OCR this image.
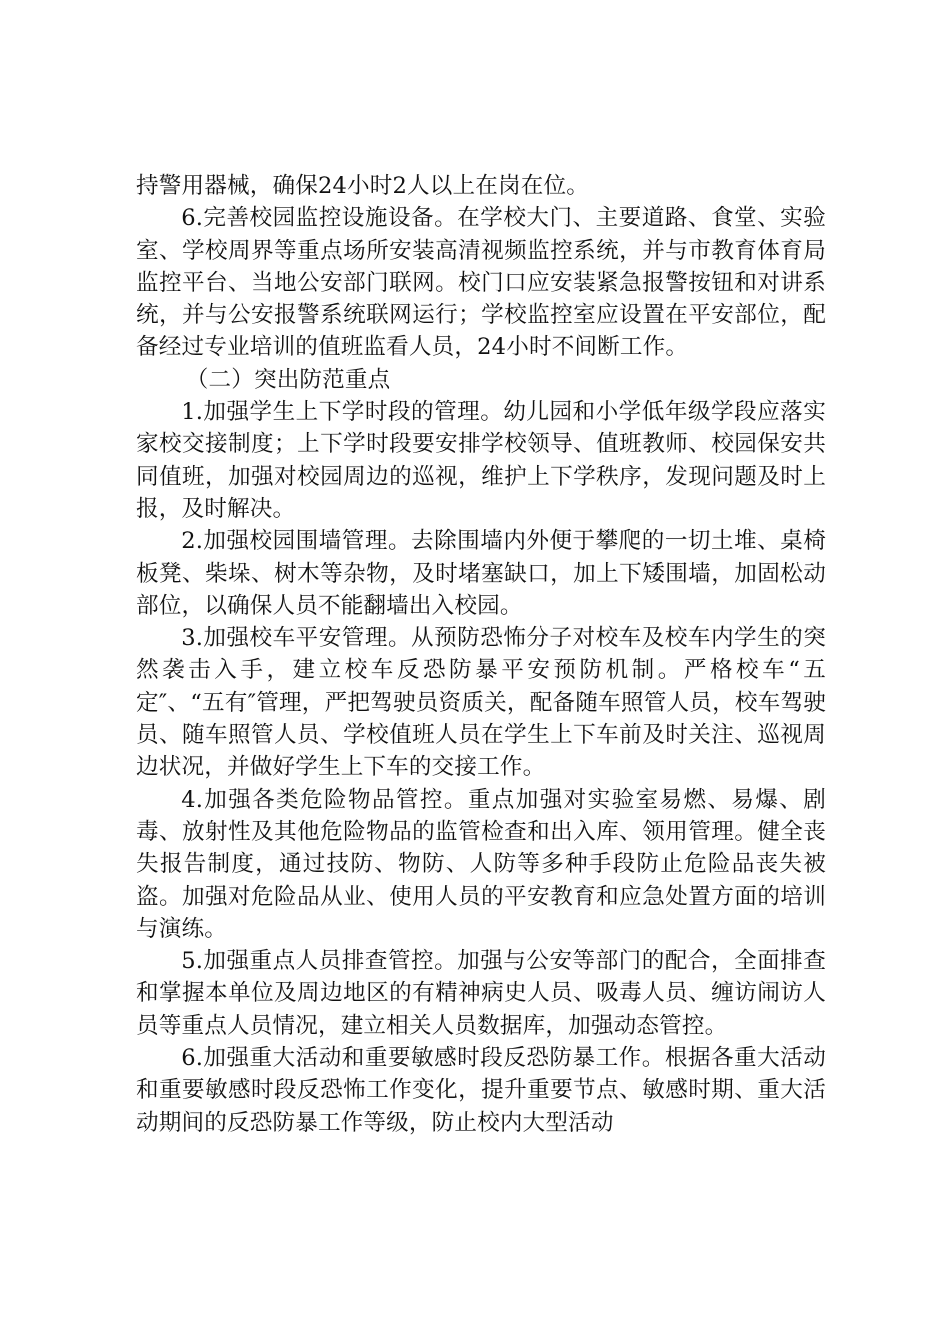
持警用器械，确保24小时2人以上在岗在位。

6.完善校园监控设施设备。在学校大门、主要道路、食堂、实验室、学校周界等重点场所安装高清视频监控系统，并与市教育体育局监控平台、当地公安部门联网。校门口应安装紧急报警按钮和对讲系统，并与公安报警系统联网运行；学校监控室应设置在平安部位，配备经过专业培训的值班监看人员，24小时不间断工作。

（二）突出防范重点

1.加强学生上下学时段的管理。幼儿园和小学低年级学段应落实家校交接制度；上下学时段要安排学校领导、值班教师、校园保安共同值班，加强对校园周边的巡视，维护上下学秩序，发现问题及时上报，及时解决。

2.加强校园围墙管理。去除围墙内外便于攀爬的一切土堆、桌椅板凳、柴垛、树木等杂物，及时堵塞缺口，加上下矮围墙，加固松动部位，以确保人员不能翻墙出入校园。

3.加强校车平安管理。从预防恐怖分子对校车及校车内学生的突然袭击入手，建立校车反恐防暴平安预防机制。严格校车“五定″、“五有″管理，严把驾驶员资质关，配备随车照管人员，校车驾驶员、随车照管人员、学校值班人员在学生上下车前及时关注、巡视周边状况，并做好学生上下车的交接工作。

4.加强各类危险物品管控。重点加强对实验室易燃、易爆、剧毒、放射性及其他危险物品的监管检查和出入库、领用管理。健全丧失报告制度，通过技防、物防、人防等多种手段防止危险品丧失被盗。加强对危险品从业、使用人员的平安教育和应急处置方面的培训与演练。

5.加强重点人员排查管控。加强与公安等部门的配合，全面排查和掌握本单位及周边地区的有精神病史人员、吸毒人员、缠访闹访人员等重点人员情况，建立相关人员数据库，加强动态管控。

6.加强重大活动和重要敏感时段反恐防暴工作。根据各重大活动和重要敏感时段反恐怖工作变化，提升重要节点、敏感时期、重大活动期间的反恐防暴工作等级，防止校内大型活动
